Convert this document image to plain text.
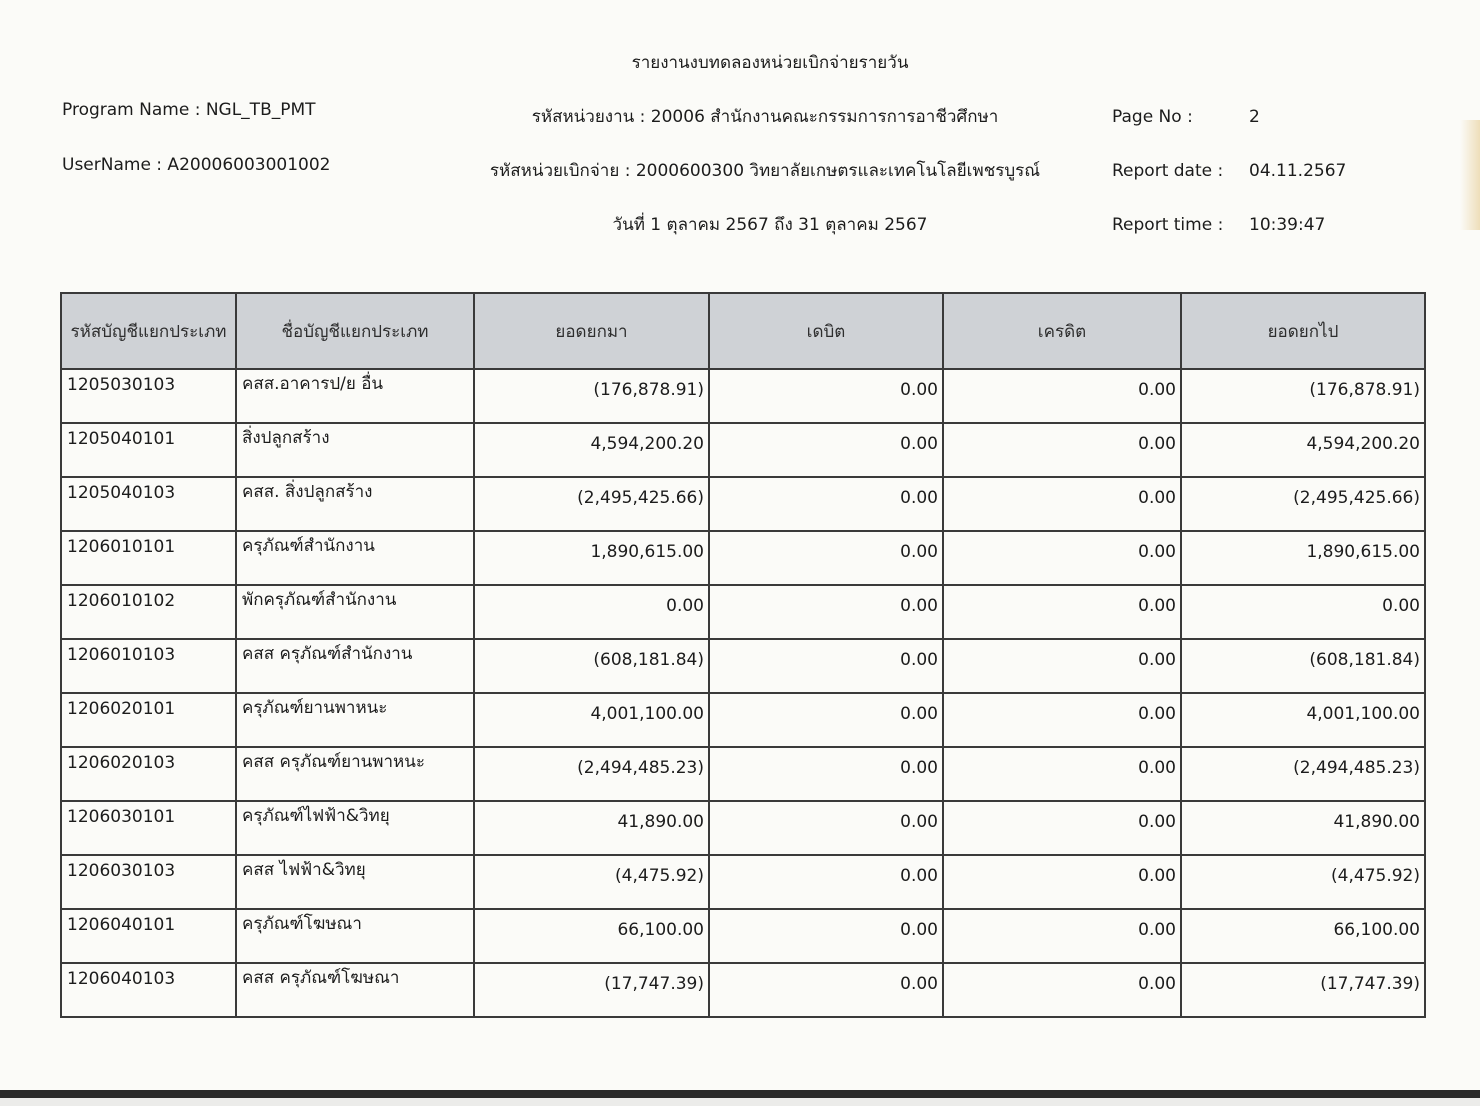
รายงานงบทดลองหน่วยเบิกจ่ายรายวัน
Program Name : NGL_TB_PMT
UserName : A20006003001002
รหัสหน่วยงาน : 20006 สำนักงานคณะกรรมการการอาชีวศึกษา
รหัสหน่วยเบิกจ่าย : 2000600300 วิทยาลัยเกษตรและเทคโนโลยีเพชรบูรณ์
วันที่ 1 ตุลาคม 2567 ถึง 31 ตุลาคม 2567
Page No :	2
Report date : 04.11.2567
Report time : 10:39:47
รหัสบัญชีแยกประเภท	ชื่อบัญชีแยกประเภท	ยอดยกมา	เดบิต	เครดิต	ยอดยกไป
1205030103	คสส.อาคารป/ย อื่น	(176,878.91)	0.00	0.00	(176,878.91)
1205040101	สิ่งปลูกสร้าง	4,594,200.20	0.00	0.00	4,594,200.20
1205040103	คสส. สิ่งปลูกสร้าง	(2,495,425.66)	0.00	0.00	(2,495,425.66)
1206010101	ครุภัณฑ์สำนักงาน	1,890,615.00	0.00	0.00	1,890,615.00
1206010102	พักครุภัณฑ์สำนักงาน	0.00	0.00	0.00	0.00
1206010103	คสส ครุภัณฑ์สำนักงาน	(608,181.84)	0.00	0.00	(608,181.84)
1206020101	ครุภัณฑ์ยานพาหนะ	4,001,100.00	0.00	0.00	4,001,100.00
1206020103	คสส ครุภัณฑ์ยานพาหนะ	(2,494,485.23)	0.00	0.00	(2,494,485.23)
1206030101	ครุภัณฑ์ไฟฟ้า&วิทยุ	41,890.00	0.00	0.00	41,890.00
1206030103	คสส ไฟฟ้า&วิทยุ	(4,475.92)	0.00	0.00	(4,475.92)
1206040101	ครุภัณฑ์โฆษณา	66,100.00	0.00	0.00	66,100.00
1206040103	คสส ครุภัณฑ์โฆษณา	(17,747.39)	0.00	0.00	(17,747.39)
